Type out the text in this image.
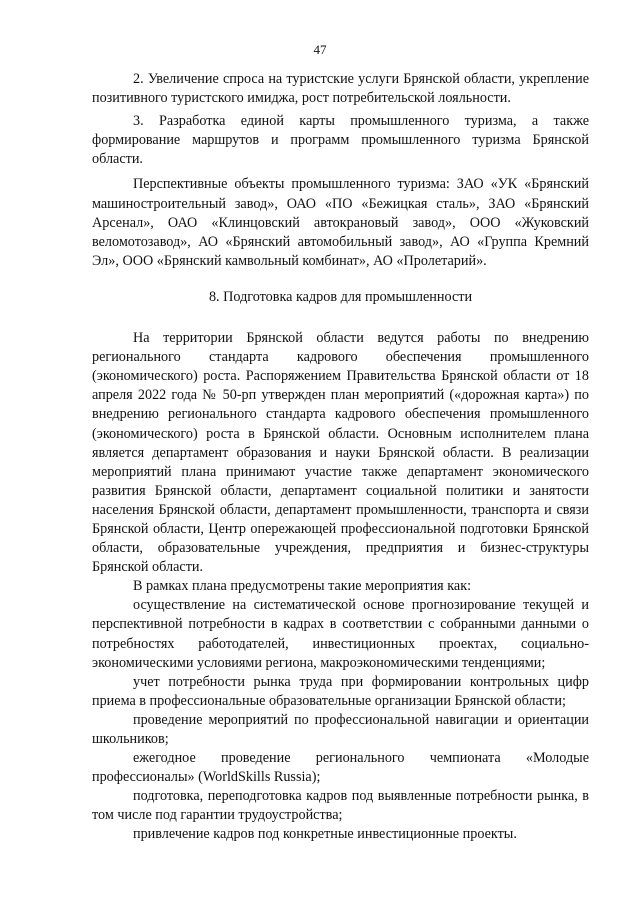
47

2. Увеличение спроса на туристские услуги Брянской области, укрепление позитивного туристского имиджа, рост потребительской лояльности.

3. Разработка единой карты промышленного туризма, а также формирование маршрутов и программ промышленного туризма Брянской области.

Перспективные объекты промышленного туризма: ЗАО «УК «Брянский машиностроительный завод», ОАО «ПО «Бежицкая сталь», ЗАО «Брянский Арсенал», ОАО «Клинцовский автокрановый завод», ООО «Жуковский веломотозавод», АО «Брянский автомобильный завод», АО «Группа Кремний Эл», ООО «Брянский камвольный комбинат», АО «Пролетарий».

8. Подготовка кадров для промышленности

На территории Брянской области ведутся работы по внедрению регионального стандарта кадрового обеспечения промышленного (экономического) роста. Распоряжением Правительства Брянской области от 18 апреля 2022 года № 50-рп утвержден план мероприятий («дорожная карта») по внедрению регионального стандарта кадрового обеспечения промышленного (экономического) роста в Брянской области. Основным исполнителем плана является департамент образования и науки Брянской области. В реализации мероприятий плана принимают участие также департамент экономического развития Брянской области, департамент социальной политики и занятости населения Брянской области, департамент промышленности, транспорта и связи Брянской области, Центр опережающей профессиональной подготовки Брянской области, образовательные учреждения, предприятия и бизнес-структуры Брянской области.

В рамках плана предусмотрены такие мероприятия как:

осуществление на систематической основе прогнозирование текущей и перспективной потребности в кадрах в соответствии с собранными данными о потребностях работодателей, инвестиционных проектах, социально-экономическими условиями региона, макроэкономическими тенденциями;

учет потребности рынка труда при формировании контрольных цифр приема в профессиональные образовательные организации Брянской области;

проведение мероприятий по профессиональной навигации и ориентации школьников;

ежегодное проведение регионального чемпионата «Молодые профессионалы» (WorldSkills Russia);

подготовка, переподготовка кадров под выявленные потребности рынка, в том числе под гарантии трудоустройства;

привлечение кадров под конкретные инвестиционные проекты.
